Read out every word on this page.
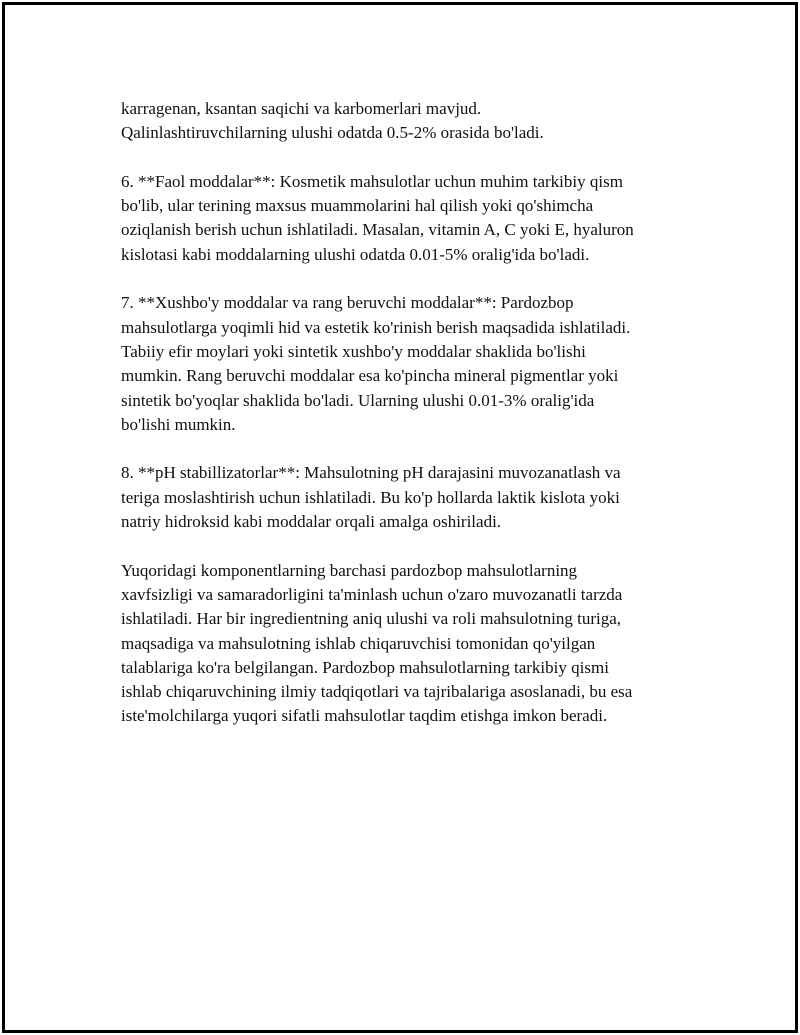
karragenan, ksantan saqichi va karbomerlari mavjud.
Qalinlashtiruvchilarning ulushi odatda 0.5-2% orasida bo'ladi.

6. **Faol moddalar**: Kosmetik mahsulotlar uchun muhim tarkibiy qism
bo'lib, ular terining maxsus muammolarini hal qilish yoki qo'shimcha
oziqlanish berish uchun ishlatiladi. Masalan, vitamin A, C yoki E, hyaluron
kislotasi kabi moddalarning ulushi odatda 0.01-5% oralig'ida bo'ladi.

7. **Xushbo'y moddalar va rang beruvchi moddalar**: Pardozbop
mahsulotlarga yoqimli hid va estetik ko'rinish berish maqsadida ishlatiladi.
Tabiiy efir moylari yoki sintetik xushbo'y moddalar shaklida bo'lishi
mumkin. Rang beruvchi moddalar esa ko'pincha mineral pigmentlar yoki
sintetik bo'yoqlar shaklida bo'ladi. Ularning ulushi 0.01-3% oralig'ida
bo'lishi mumkin.

8. **pH stabillizatorlar**: Mahsulotning pH darajasini muvozanatlash va
teriga moslashtirish uchun ishlatiladi. Bu ko'p hollarda laktik kislota yoki
natriy hidroksid kabi moddalar orqali amalga oshiriladi.

Yuqoridagi komponentlarning barchasi pardozbop mahsulotlarning
xavfsizligi va samaradorligini ta'minlash uchun o'zaro muvozanatli tarzda
ishlatiladi. Har bir ingredientning aniq ulushi va roli mahsulotning turiga,
maqsadiga va mahsulotning ishlab chiqaruvchisi tomonidan qo'yilgan
talablariga ko'ra belgilangan. Pardozbop mahsulotlarning tarkibiy qismi
ishlab chiqaruvchining ilmiy tadqiqotlari va tajribalariga asoslanadi, bu esa
iste'molchilarga yuqori sifatli mahsulotlar taqdim etishga imkon beradi.
